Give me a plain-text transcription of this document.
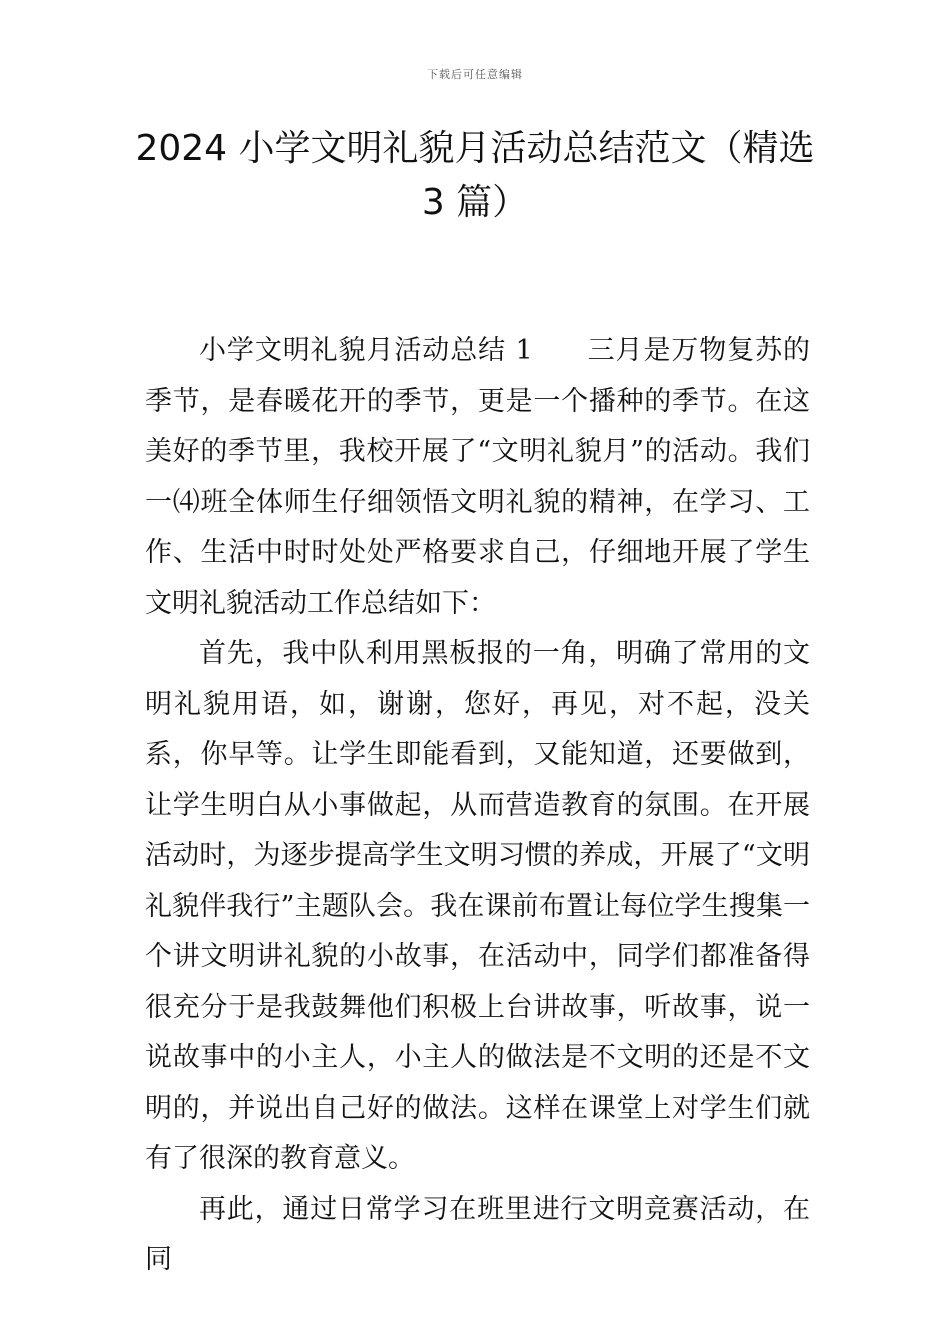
下载后可任意编辑
2024 小学文明礼貌月活动总结范文（精选
3 篇）

小学文明礼貌月活动总结 1 三月是万物复苏的季节，是春暖花开的季节，更是一个播种的季节。在这美好的季节里，我校开展了“文明礼貌月”的活动。我们一⑷班全体师生仔细领悟文明礼貌的精神，在学习、工作、生活中时时处处严格要求自己，仔细地开展了学生文明礼貌活动工作总结如下：

首先，我中队利用黑板报的一角，明确了常用的文明礼貌用语，如，谢谢，您好，再见，对不起，没关系，你早等。让学生即能看到，又能知道，还要做到，让学生明白从小事做起，从而营造教育的氛围。在开展活动时，为逐步提高学生文明习惯的养成，开展了“文明礼貌伴我行”主题队会。我在课前布置让每位学生搜集一个讲文明讲礼貌的小故事，在活动中，同学们都准备得很充分于是我鼓舞他们积极上台讲故事，听故事，说一说故事中的小主人，小主人的做法是不文明的还是不文明的，并说出自己好的做法。这样在课堂上对学生们就有了很深的教育意义。

再此，通过日常学习在班里进行文明竞赛活动，在同
